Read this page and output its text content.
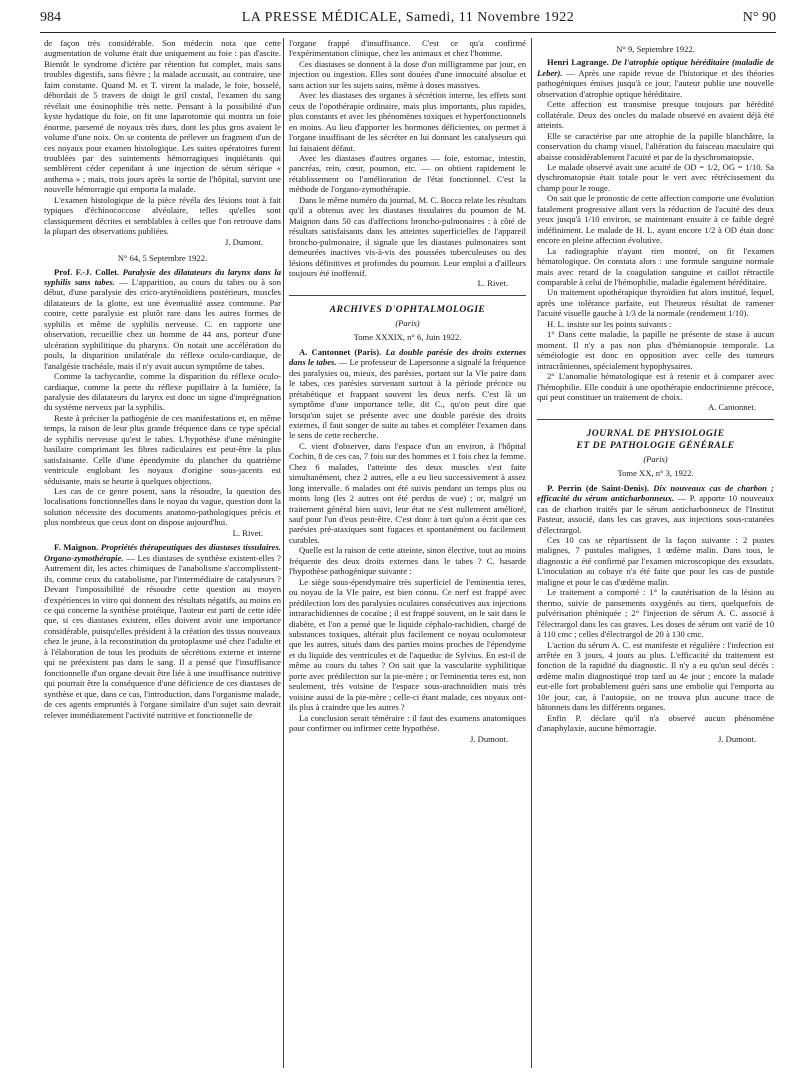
984	LA PRESSE MÉDICALE, Samedi, 11 Novembre 1922	N° 90

de façon très considérable. Son médecin nota que cette augmentation de volume était due uniquement au foie : pas d'ascite. Bientôt le syndrome d'ictère par rétention fut complet, mais sans troubles digestifs, sans fièvre ; la malade accusait, au contraire, une faim constante. Quand M. et T. virent la malade, le foie, bosselé, débordait de 5 travers de doigt le gril costal, l'examen du sang révélait une éosinophilie très nette. Pensant à la possibilité d'un kyste hydatique du foie, on fit une laparotomie qui montra un foie énorme, parsemé de noyaux très durs, dont les plus gros avaient le volume d'une noix. On se contenta de prélever un fragment d'un de ces noyaux pour examen histologique. Les suites opératoires furent troublées par des suintements hémorragiques inquiétants qui semblèrent céder cependant à une injection de sérum sérique « anthema » ; mais, trois jours après la sortie de l'hôpital, survint une nouvelle hémorragie qui emporta la malade.

L'examen histologique de la pièce révéla des lésions tout à fait typiques d'échinococcose alvéolaire, telles qu'elles sont classiquement décrites et semblables à celles que l'on retrouve dans la plupart des observations publiées.

J. Dumont.

N° 64, 5 Septembre 1922.

Prof. F.-J. Collet. Paralysie des dilatateurs du larynx dans la syphilis sans tabes. — L'apparition, au cours du tabes ou à son début, d'une paralysie des crico-aryténoïdiens postérieurs, muscles dilatateurs de la glotte, est une éventualité assez commune. Par contre, cette paralysie est plutôt rare dans les autres formes de syphilis et même de syphilis nerveuse. C. en rapporte une observation, recueillie chez un homme de 44 ans, porteur d'une ulcération syphilitique du pharynx. On notait une accélération du pouls, la disparition unilatérale du réflexe oculo-cardiaque, de l'analgésie trachéale, mais il n'y avait aucun symptôme de tabes.

Comme la tachycardie, comme la disparition du réflexe oculo-cardiaque, comme la perte du réflexe pupillaire à la lumière, la paralysie des dilatateurs du larynx est donc un signe d'imprégnation du système nerveux par la syphilis.

Reste à préciser la pathogénie de ces manifestations et, en même temps, la raison de leur plus grande fréquence dans ce type spécial de syphilis nerveuse qu'est le tabes. L'hypothèse d'une méningite basilaire comprimant les fibres radiculaires est peut-être la plus satisfaisante. Celle d'une épendymite du plancher du quatrième ventricule englobant les noyaux d'origine sous-jacents est séduisante, mais se heurte à quelques objections.

Les cas de ce genre posent, sans la résoudre, la question des localisations fonctionnelles dans le noyau du vague, question dont la solution nécessite des documents anatomo-pathologiques précis et plus nombreux que ceux dont on dispose aujourd'hui.

L. Rivet.

F. Maignon. Propriétés thérapeutiques des diastases tissulaires. Organo-zymothérapie. — Les diastases de synthèse existent-elles ? Autrement dit, les actes chimiques de l'anabolisme s'accomplissent-ils, comme ceux du catabolisme, par l'intermédiaire de catalyseurs ? Devant l'impossibilité de résoudre cette question au moyen d'expériences in vitro qui donnent des résultats négatifs, au moins en ce qui concerne la synthèse protéique, l'auteur est parti de cette idée que, si ces diastases existent, elles doivent avoir une importance considérable, puisqu'elles président à la création des tissus nouveaux chez le jeune, à la reconstitution du protoplasme usé chez l'adulte et à l'élaboration de tous les produits de sécrétions externe et interne qui ne préexistent pas dans le sang. Il a pensé que l'insuffisance fonctionnelle d'un organe devait être liée à une insuffisance nutritive qui pourrait être la conséquence d'une déficience de ces diastases de synthèse et que, dans ce cas, l'introduction, dans l'organisme malade, de ces agents empruntés à l'organe similaire d'un sujet sain devrait relever immédiatement l'activité nutritive et fonctionnelle de

l'organe frappé d'insuffisance. C'est ce qu'a confirmé l'expérimentation clinique, chez les animaux et chez l'homme.

Ces diastases se donnent à la dose d'un milligramme par jour, en injection ou ingestion. Elles sont douées d'une innocuité absolue et sans action sur les sujets sains, même à doses massives.

Avec les diastases des organes à sécrétion interne, les effets sont ceux de l'opothérapie ordinaire, mais plus importants, plus rapides, plus constants et avec les phénomènes toxiques et hyperfonctionnels en moins. Au lieu d'apporter les hormones déficientes, on permet à l'organe insuffisant de les sécréter en lui donnant les catalyseurs qui lui faisaient défaut.

Avec les diastases d'autres organes — foie, estomac, intestin, pancréas, rein, cœur, poumon, etc. — on obtient rapidement le rétablissement ou l'amélioration de l'état fonctionnel. C'est la méthode de l'organo-zymothérapie.

Dans le même numéro du journal, M. C. Bocca relate les résultats qu'il a obtenus avec les diastases tissulaires du poumon de M. Maignon dans 50 cas d'affections broncho-pulmonaires : à côté de résultats satisfaisants dans les atteintes superficielles de l'appareil broncho-pulmonaire, il signale que les diastases pulmonaires sont demeurées inactives vis-à-vis des poussées tuberculeuses ou des lésions définitives et profondes du poumon. Leur emploi a d'ailleurs toujours été inoffensif.

L. Rivet.

ARCHIVES D'OPHTALMOLOGIE

(Paris)

Tome XXXIX, n° 6, Juin 1922.

A. Cantonnet (Paris). La double parésie des droits externes dans le tabes. — Le professeur de Lapersonne a signalé la fréquence des paralysies ou, mieux, des parésies, portant sur la VIe paire dans le tabes, ces parésies survenant surtout à la période précoce ou prétabétique et frappant souvent les deux nerfs. C'est là un symptôme d'une importance telle, dit C., qu'on peut dire que lorsqu'un sujet se présente avec une double parésie des droits externes, il faut songer de suite au tabes et compléter l'examen dans le sens de cette recherche.

C. vient d'observer, dans l'espace d'un an environ, à l'hôpital Cochin, 8 de ces cas, 7 fois sur des hommes et 1 fois chez la femme. Chez 6 malades, l'atteinte des deux muscles s'est faite simultanément, chez 2 autres, elle a eu lieu successivement à assez long intervalle. 6 malades ont été suivis pendant un temps plus ou moins long (les 2 autres ont été perdus de vue) ; or, malgré un traitement général bien suivi, leur état ne s'est nullement amélioré, sauf pour l'un d'eux peut-être. C'est donc à tort qu'on a écrit que ces parésies pré-ataxiques sont fugaces et spontanément ou facilement curables.

Quelle est la raison de cette atteinte, sinon élective, tout au moins fréquente des deux droits externes dans le tabes ? C. hasarde l'hypothèse pathogénique suivante :

Le siège sous-épendymaire très superficiel de l'eminentia teres, ou noyau de la VIe paire, est bien connu. Ce nerf est frappé avec prédilection lors des paralysies oculaires consécutives aux injections intrarachidiennes de cocaïne ; il est frappé souvent, on le sait dans le diabète, et l'on a pensé que le liquide céphalo-rachidien, chargé de substances toxiques, altérait plus facilement ce noyau oculomoteur que les autres, situés dans des parties moins proches de l'épendyme et du liquide des ventricules et de l'aqueduc de Sylvius. En est-il de même au cours du tabes ? On sait que la vascularite syphilitique porte avec prédilection sur la pie-mère ; or l'eminentia teres est, non seulement, très voisine de l'espace sous-arachnoïdien mais très voisine aussi de la pie-mère ; celle-ci étant malade, ces noyaux ont-ils plus à craindre que les autres ?

La conclusion serait téméraire : il faut des examens anatomiques pour confirmer ou infirmer cette hypothèse.

J. Dumont.

N° 9, Septembre 1922.

Henri Lagrange. De l'atrophie optique héréditaire (maladie de Leber). — Après une rapide revue de l'historique et des théories pathogéniques émises jusqu'à ce jour, l'auteur publie une nouvelle observation d'atrophie optique héréditaire.

Cette affection est transmise presque toujours par hérédité collatérale. Deux des oncles du malade observé en avaient déjà été atteints.

Elle se caractérise par une atrophie de la papille blanchâtre, la conservation du champ visuel, l'altération du faisceau maculaire qui abaisse considérablement l'acuité et par de la dyschromatopsie.

Le malade observé avait une acuité de OD = 1/2, OG = 1/10. Sa dyschromatopsie était totale pour le vert avec rétrécissement du champ pour le rouge.

On sait que le pronostic de cette affection comporte une évolution fatalement progressive allant vers la réduction de l'acuité des deux yeux jusqu'à 1/10 environ, se maintenant ensuite à ce faible degré indéfiniment. Le malade de H. L. ayant encore 1/2 à OD était donc encore en pleine affection évolutive.

La radiographie n'ayant rien montré, on fit l'examen hématologique. On constata alors : une formule sanguine normale mais avec retard de la coagulation sanguine et caillot rétractile comparable à celui de l'hémophilie, maladie également héréditaire.

Un traitement opothérapique thyroïdien fut alors institué, lequel, après une tolérance parfaite, eut l'heureux résultat de ramener l'acuité visuelle gauche à 1/3 de la normale (rendement 1/10).

H. L. insiste sur les points suivants :

1° Dans cette maladie, la papille ne présente de stase à aucun moment. Il n'y a pas non plus d'hémianopsie temporale. La séméiologie est donc en opposition avec celle des tumeurs intracrâniennes, spécialement hypophysaires.

2° L'anomalie hématologique est à retenir et à comparer avec l'hémophilie. Elle conduit à une opothérapie endocrinienne précoce, qui peut constituer un traitement de choix.

A. Cantonnet.

JOURNAL DE PHYSIOLOGIE

ET DE PATHOLOGIE GÉNÉRALE

(Paris)

Tome XX, n° 3, 1922.

P. Perrin (de Saint-Denis). Dix nouveaux cas de charbon ; efficacité du sérum anticharbonneux. — P. apporte 10 nouveaux cas de charbon traités par le sérum anticharbonneux de l'Institut Pasteur, associé, dans les cas graves, aux injections sous-cutanées d'électrargol.

Ces 10 cas se répartissent de la façon suivante : 2 pustes malignes, 7 pustules malignes, 1 œdème malin. Dans tous, le diagnostic a été confirmé par l'examen microscopique des exsudats. L'inoculation au cobaye n'a été faite que pour les cas de pustule maligne et pour le cas d'œdème malin.

Le traitement a comporté : 1° la cautérisation de la lésion au thermo, suivie de pansements oxygénés au tiers, quelquefois de pulvérisation phéniquée ; 2° l'injection de sérum A. C. associé à l'électrargol dans les cas graves. Les doses de sérum ont varié de 10 à 110 cmc ; celles d'électrargol de 20 à 130 cmc.

L'action du sérum A. C. est manifeste et régulière : l'infection est arrêtée en 3 jours, 4 jours au plus. L'efficacité du traitement est fonction de la rapidité du diagnostic. Il n'y a eu qu'un seul décès : œdème malin diagnostiqué trop tard au 4e jour ; encore la malade eut-elle fort probablement guéri sans une embolie qui l'emporta au 10e jour, car, à l'autopsie, on ne trouva plus aucune trace de bâtonnets dans les différents organes.

Enfin P. déclare qu'il n'a observé aucun phénomène d'anaphylaxie, aucune hémorragie.

J. Dumont.
